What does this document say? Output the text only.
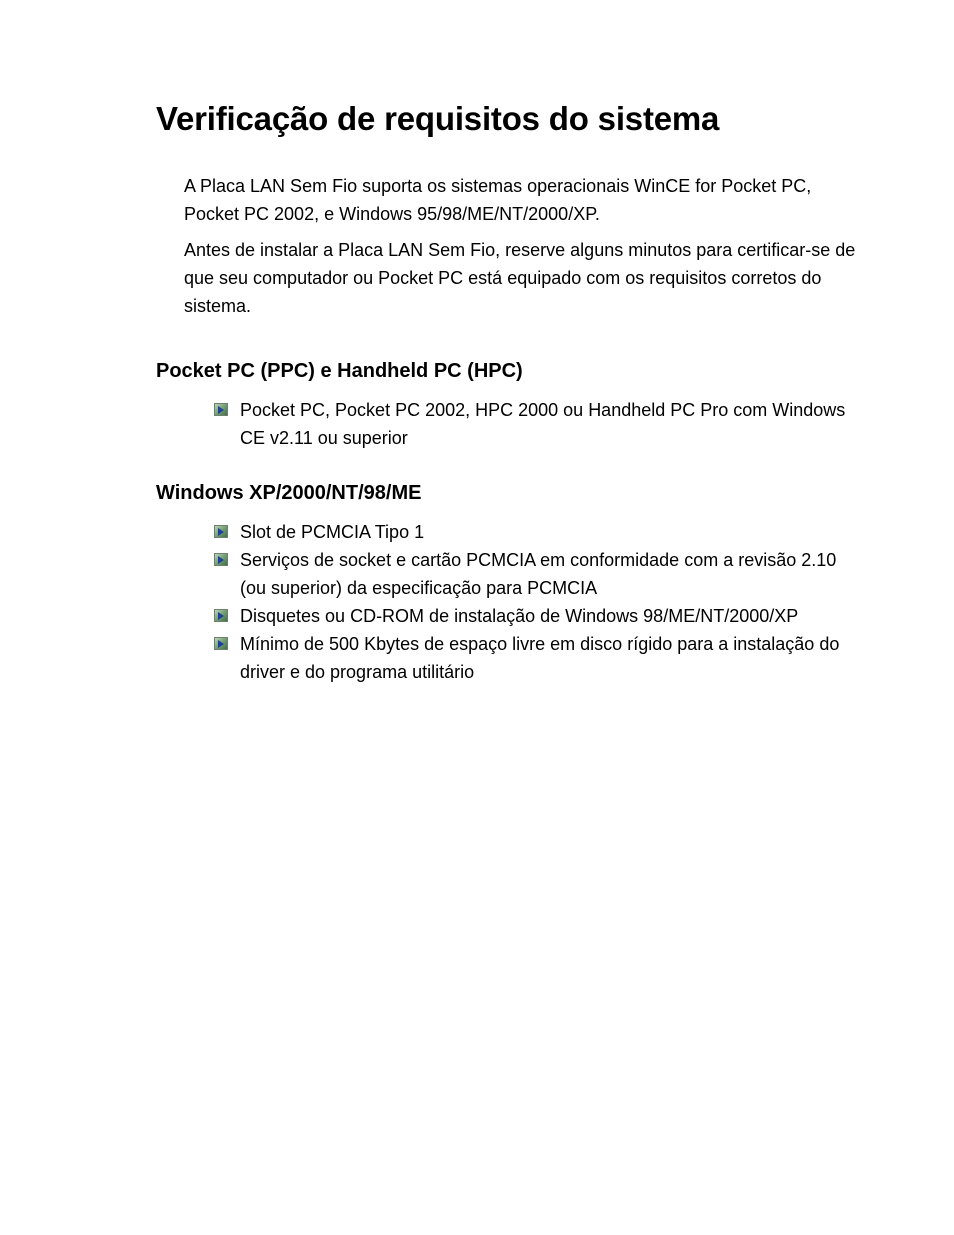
Verificação de requisitos do sistema

A Placa LAN Sem Fio suporta os sistemas operacionais WinCE for Pocket PC, Pocket PC 2002, e Windows 95/98/ME/NT/2000/XP.

Antes de instalar a Placa LAN Sem Fio, reserve alguns minutos para certificar-se de que seu computador ou Pocket PC está equipado com os requisitos corretos do sistema.

Pocket PC (PPC) e Handheld PC (HPC)
Pocket PC, Pocket PC 2002, HPC 2000 ou Handheld PC Pro com Windows CE v2.11 ou superior
Windows XP/2000/NT/98/ME
Slot de PCMCIA Tipo 1
Serviços de socket e cartão PCMCIA em conformidade com a revisão 2.10 (ou superior) da especificação para PCMCIA
Disquetes ou CD-ROM de instalação de Windows 98/ME/NT/2000/XP
Mínimo de 500 Kbytes de espaço livre em disco rígido para a instalação do driver e do programa utilitário
